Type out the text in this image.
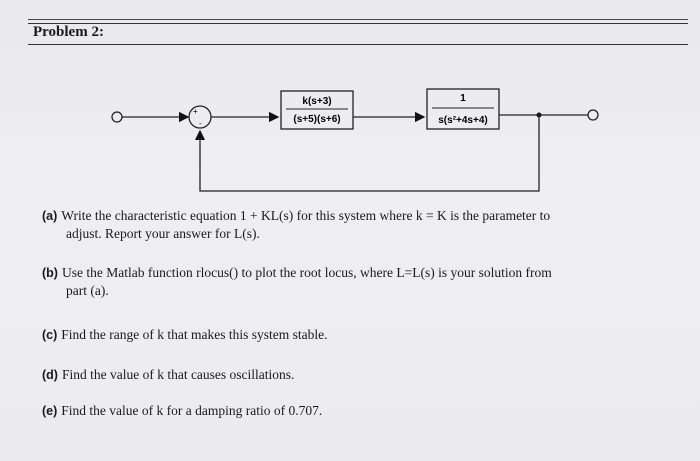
Problem 2:
+
-
k(s+3)
(s+5)(s+6)
1
s(s²+4s+4)
(a) Write the characteristic equation 1 + KL(s) for this system where k = K is the parameter to
adjust. Report your answer for L(s).
(b) Use the Matlab function rlocus() to plot the root locus, where L=L(s) is your solution from
part (a).
(c) Find the range of k that makes this system stable.
(d) Find the value of k that causes oscillations.
(e) Find the value of k for a damping ratio of 0.707.
